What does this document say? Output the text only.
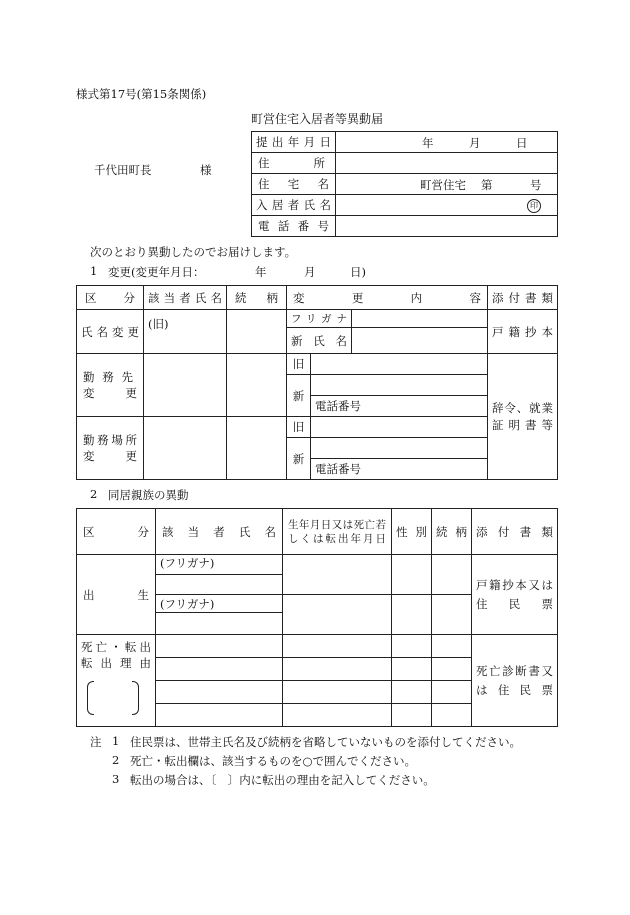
様式第17号(第15条関係)
町営住宅入居者等異動届
千代田町長	様
提出年月日	年 月 日

住所	
住宅名	町営住宅 第 号

入居者氏名	印

電話番号	
次のとおり異動したのでお届けします。
1 変更(変更年月日：	年	月	日)
区分	該当者氏名	続柄	変更内容			添付書類
氏名変更	(旧)		フリガナ			戸籍抄本
			新氏名			

勤務先
変更			旧			辞令、就業証明書等
			新			
				電話番号		

勤務場所
変更			旧			
			新			
				電話番号		
2 同居親族の異動
区分	該当者氏名	生年月日又は死亡若しくは転出年月日	性別	続柄	添付書類
出生	(フリガナ)				戸籍抄本又は住民票

	(フリガナ)				

死亡・転出
転出理由					死亡診断書又は住民票

注 1 住民票は、世帯主氏名及び続柄を省略していないものを添付してください。
2 死亡・転出欄は、該当するものを○で囲んでください。
3 転出の場合は、〔　〕内に転出の理由を記入してください。
